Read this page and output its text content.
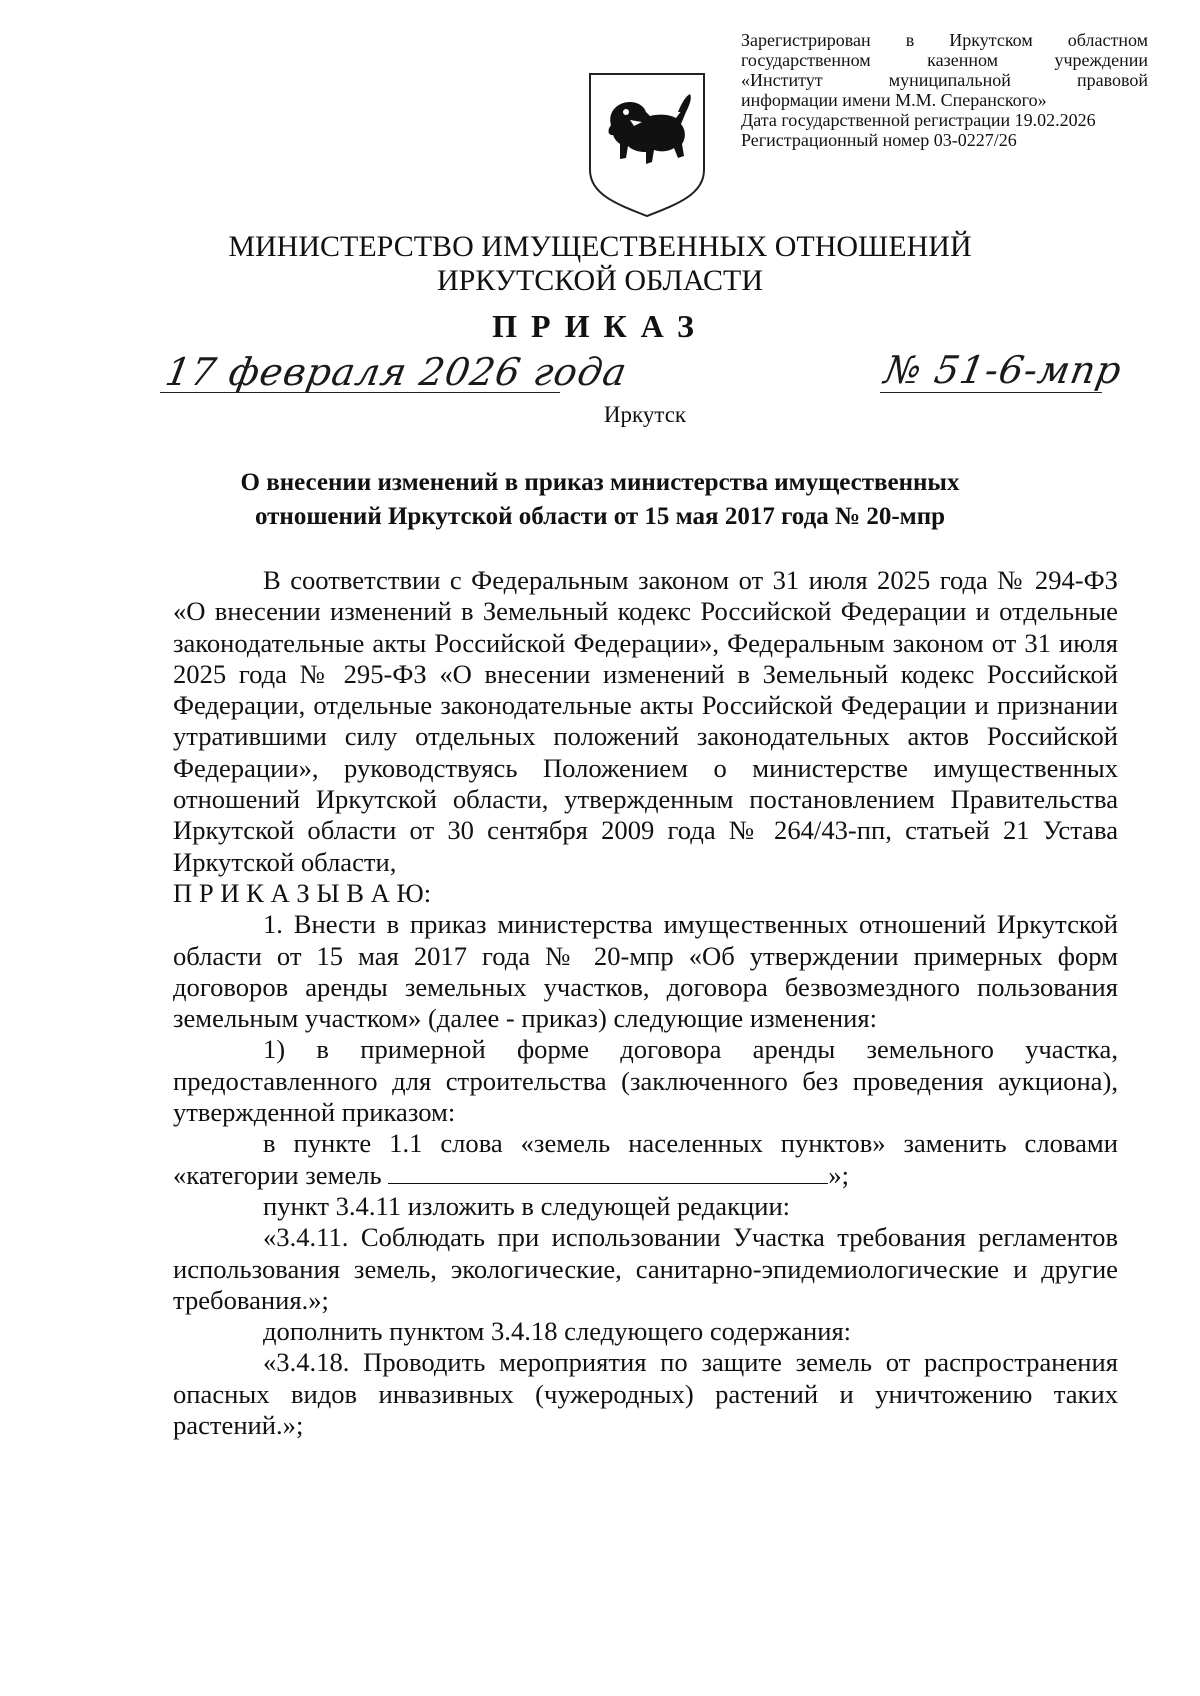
Зарегистрирован в Иркутском областном
государственном	казенном	учреждении
«Институт	муниципальной	правовой
информации имени М.М. Сперанского»
Дата государственной регистрации 19.02.2026
Регистрационный номер 03-0227/26
МИНИСТЕРСТВО ИМУЩЕСТВЕННЫХ ОТНОШЕНИЙ
ИРКУТСКОЙ ОБЛАСТИ
ПРИКАЗ
17 февраля 2026 года	№ 51-6-мпр
Иркутск
О внесении изменений в приказ министерства имущественных
отношений Иркутской области от 15 мая 2017 года № 20-мпр

В соответствии с Федеральным законом от 31 июля 2025 года № 294-ФЗ «О внесении изменений в Земельный кодекс Российской Федерации и отдельные законодательные акты Российской Федерации», Федеральным законом от 31 июля 2025 года № 295-ФЗ «О внесении изменений в Земельный кодекс Российской Федерации, отдельные законодательные акты Российской Федерации и признании утратившими силу отдельных положений законодательных актов Российской Федерации», руководствуясь Положением о министерстве имущественных отношений Иркутской области, утвержденным постановлением Правительства Иркутской области от 30 сентября 2009 года № 264/43-пп, статьей 21 Устава Иркутской области,

П Р И К А З Ы В А Ю:

1. Внести в приказ министерства имущественных отношений Иркутской области от 15 мая 2017 года № 20-мпр «Об утверждении примерных форм договоров аренды земельных участков, договора безвозмездного пользования земельным участком» (далее - приказ) следующие изменения:

1) в примерной форме договора аренды земельного участка, предоставленного для строительства (заключенного без проведения аукциона), утвержденной приказом:

в пункте 1.1 слова «земель населенных пунктов» заменить словами «категории земель	»;

пункт 3.4.11 изложить в следующей редакции:

«3.4.11. Соблюдать при использовании Участка требования регламентов использования земель, экологические, санитарно-эпидемиологические и другие требования.»;

дополнить пунктом 3.4.18 следующего содержания:

«3.4.18. Проводить мероприятия по защите земель от распространения опасных видов инвазивных (чужеродных) растений и уничтожению таких растений.»;
